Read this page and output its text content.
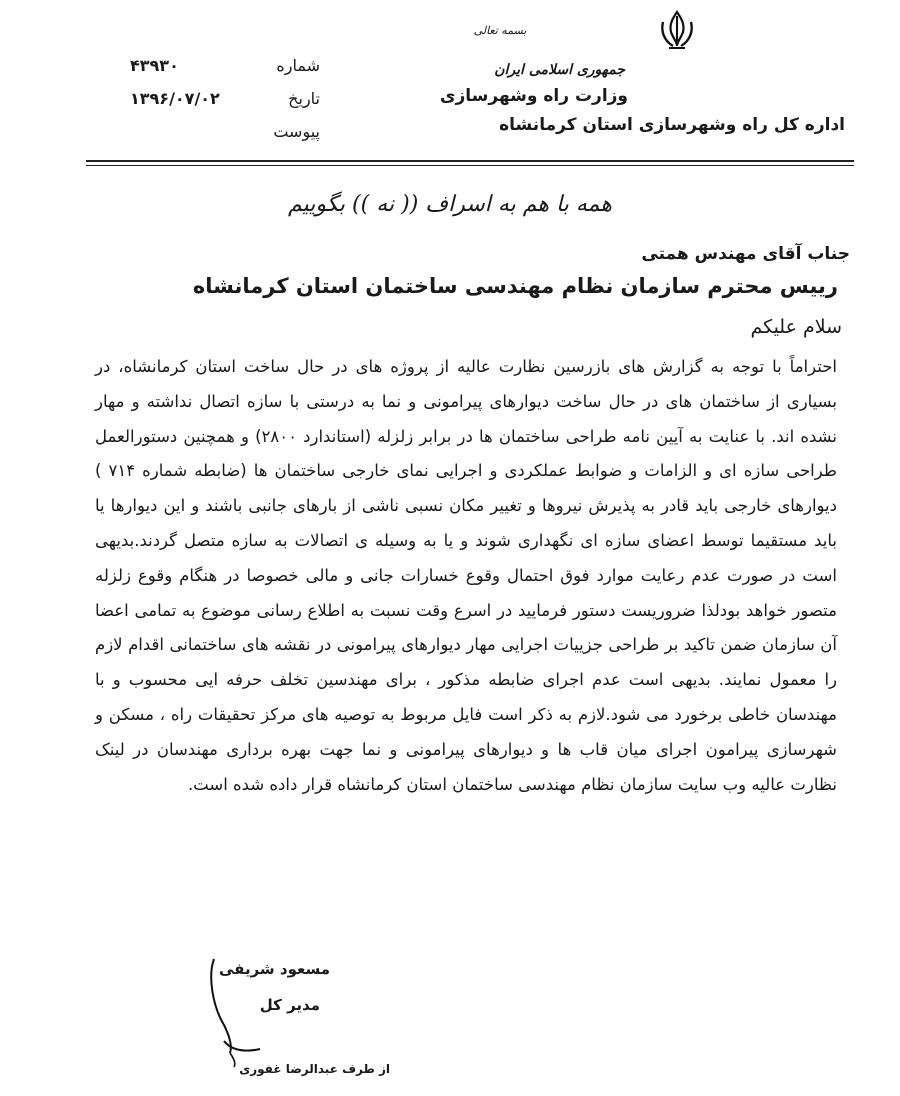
بسمه تعالی
جمهوری اسلامی ایران
وزارت راه وشهرسازی
اداره کل راه وشهرسازی استان کرمانشاه
شماره
۴۳۹۳۰
تاریخ
۱۳۹۶/۰۷/۰۲
پیوست
همه با هم به اسراف (( نه )) بگوییم
جناب آقای مهندس همتی
رییس محترم سازمان نظام مهندسی ساختمان استان کرمانشاه
سلام علیکم
احتراماً با توجه به گزارش های بازرسین نظارت عالیه از پروژه های در حال ساخت استان کرمانشاه، در بسیاری از ساختمان های در حال ساخت دیوارهای پیرامونی و نما به درستی با سازه اتصال نداشته و مهار نشده اند. با عنایت به آیین نامه طراحی ساختمان ها در برابر زلزله (استاندارد ۲۸۰۰) و همچنین دستورالعمل طراحی سازه ای و الزامات و ضوابط عملکردی و اجرایی نمای خارجی ساختمان ها (ضابطه شماره ۷۱۴ ) دیوارهای خارجی باید قادر به پذیرش نیروها و تغییر مکان نسبی ناشی از بارهای جانبی باشند و این دیوارها یا باید مستقیما توسط اعضای سازه ای نگهداری شوند و یا به وسیله ی اتصالات به سازه متصل گردند.بدیهی است در صورت عدم رعایت موارد فوق احتمال وقوع خسارات جانی و مالی خصوصا در هنگام وقوع زلزله متصور خواهد بودلذا ضروریست دستور فرمایید در اسرع وقت نسبت به اطلاع رسانی موضوع به تمامی اعضا آن سازمان ضمن تاکید بر طراحی جزییات اجرایی مهار دیوارهای پیرامونی در نقشه های ساختمانی اقدام لازم را معمول نمایند. بدیهی است عدم اجرای ضابطه مذکور ، برای مهندسین تخلف حرفه ایی محسوب و با مهندسان خاطی برخورد می شود.لازم به ذکر است فایل مربوط به توصیه های مرکز تحقیقات راه ، مسکن و شهرسازی پیرامون اجرای میان قاب ها و دیوارهای پیرامونی و نما جهت بهره برداری مهندسان در لینک نظارت عالیه وب سایت سازمان نظام مهندسی ساختمان استان کرمانشاه قرار داده شده است.
مسعود شریفی
مدیر کل
از طرف عبدالرضا غفوری
